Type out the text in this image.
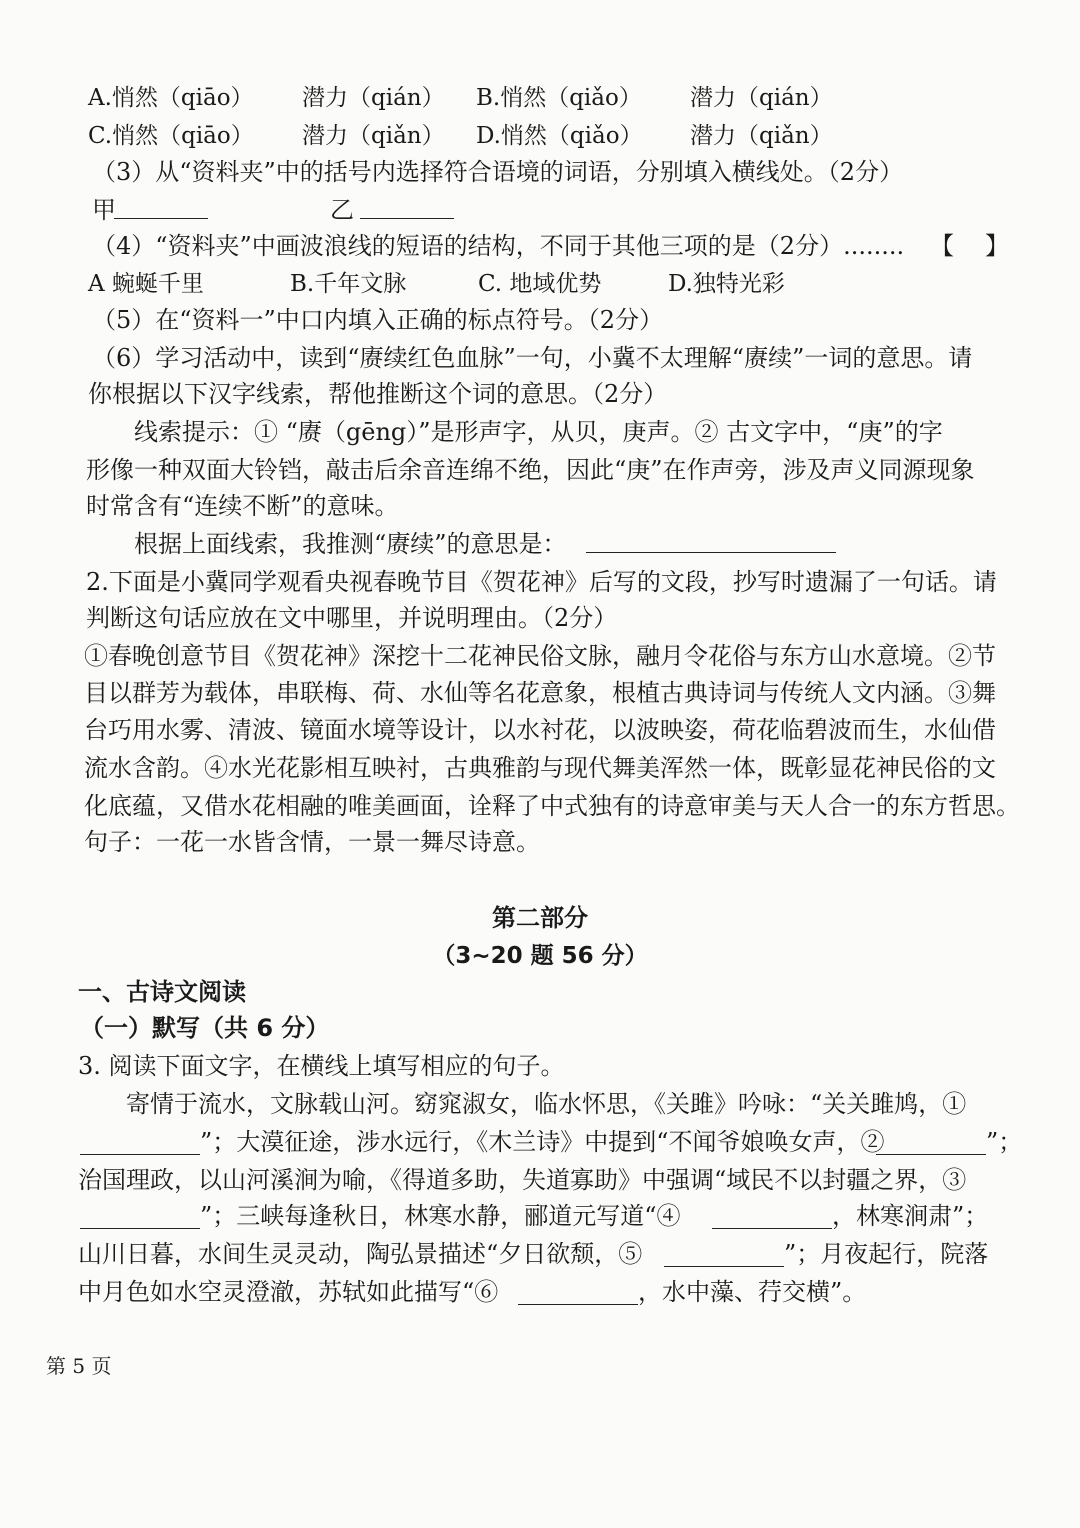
A.悄然（qiāo） 潜力（qián） B.悄然（qiǎo） 潜力（qián）
C.悄然（qiāo） 潜力（qiǎn） D.悄然（qiǎo） 潜力（qiǎn）
（3）从“资料夹”中的括号内选择符合语境的词语，分别填入横线处。（2分）
甲	乙
（4）“资料夹”中画波浪线的短语的结构，不同于其他三项的是（2分）........ 【 】
A 蜿蜒千里	B.千年文脉	C. 地域优势	D.独特光彩
（5）在“资料一”中口内填入正确的标点符号。（2分）
（6）学习活动中，读到“赓续红色血脉”一句，小冀不太理解“赓续”一词的意思。请
你根据以下汉字线索，帮他推断这个词的意思。（2分）
线索提示：① “赓（gēng）”是形声字，从贝，庚声。② 古文字中，“庚”的字
形像一种双面大铃铛，敲击后余音连绵不绝，因此“庚”在作声旁，涉及声义同源现象
时常含有“连续不断”的意味。
根据上面线索，我推测“赓续”的意思是：
2.下面是小冀同学观看央视春晚节目《贺花神》后写的文段，抄写时遗漏了一句话。请
判断这句话应放在文中哪里，并说明理由。（2分）
①春晚创意节目《贺花神》深挖十二花神民俗文脉，融月令花俗与东方山水意境。②节
目以群芳为载体，串联梅、荷、水仙等名花意象，根植古典诗词与传统人文内涵。③舞
台巧用水雾、清波、镜面水境等设计，以水衬花，以波映姿，荷花临碧波而生，水仙借
流水含韵。④水光花影相互映衬，古典雅韵与现代舞美浑然一体，既彰显花神民俗的文
化底蕴，又借水花相融的唯美画面，诠释了中式独有的诗意审美与天人合一的东方哲思。
句子：一花一水皆含情，一景一舞尽诗意。
第二部分
（3~20 题 56 分）
一、古诗文阅读
（一）默写（共 6 分）
3. 阅读下面文字，在横线上填写相应的句子。
寄情于流水，文脉载山河。窈窕淑女，临水怀思，《关雎》吟咏：“关关雎鸠，①
”；大漠征途，涉水远行，《木兰诗》中提到“不闻爷娘唤女声，②	”；
治国理政，以山河溪涧为喻，《得道多助，失道寡助》中强调“域民不以封疆之界，③
”；三峡每逢秋日，林寒水静，郦道元写道“④	，林寒涧肃”；
山川日暮，水间生灵灵动，陶弘景描述“夕日欲颓，⑤	”；月夜起行，院落
中月色如水空灵澄澈，苏轼如此描写“⑥	，水中藻、荇交横”。
第 5 页
